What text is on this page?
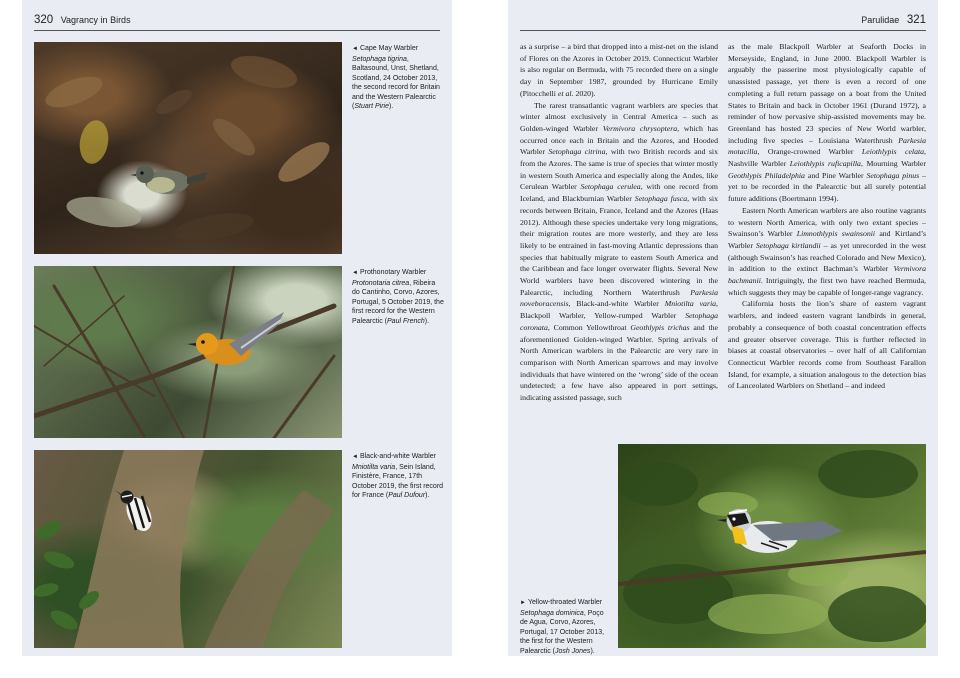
320 Vagrancy in Birds
◄ Cape May Warbler Setophaga tigrina, Baltasound, Unst, Shetland, Scotland, 24 October 2013, the second record for Britain and the Western Palearctic (Stuart Pirie).
◄ Prothonotary Warbler Protonotaria citrea, Ribeira do Cantinho, Corvo, Azores, Portugal, 5 October 2019, the first record for the Western Palearctic (Paul French).
◄ Black-and-white Warbler Mniotilta varia, Sein Island, Finistère, France, 17th October 2019, the first record for France (Paul Dufour).
Parulidae 321

as a surprise – a bird that dropped into a mist-net on the island of Flores on the Azores in October 2019. Connecticut Warbler is also regular on Bermuda, with 75 recorded there on a single day in September 1987, grounded by Hurricane Emily (Pitocchelli et al. 2020).

The rarest transatlantic vagrant warblers are species that winter almost exclusively in Central America – such as Golden-winged Warbler Vermivora chrysoptera, which has occurred once each in Britain and the Azores, and Hooded Warbler Setophaga citrina, with two British records and six from the Azores. The same is true of species that winter mostly in western South America and especially along the Andes, like Cerulean Warbler Setophaga cerulea, with one record from Iceland, and Blackburnian Warbler Setophaga fusca, with six records between Britain, France, Iceland and the Azores (Haas 2012). Although these species undertake very long migrations, their migration routes are more westerly, and they are less likely to be entrained in fast-moving Atlantic depressions than species that habitually migrate to eastern South America and the Caribbean and face longer overwater flights. Several New World warblers have been discovered wintering in the Palearctic, including Northern Waterthrush Parkesia noveboracensis, Black-and-white Warbler Mniotilta varia, Blackpoll Warbler, Yellow-rumped Warbler Setophaga coronata, Common Yellowthroat Geothlypis trichas and the aforementioned Golden-winged Warbler. Spring arrivals of North American warblers in the Palearctic are very rare in comparison with North American sparrows and may involve individuals that have wintered on the ‘wrong’ side of the ocean undetected; a few have also appeared in port settings, indicating assisted passage, such

as the male Blackpoll Warbler at Seaforth Docks in Merseyside, England, in June 2000. Blackpoll Warbler is arguably the passerine most physiologically capable of unassisted passage, yet there is even a record of one completing a full return passage on a boat from the United States to Britain and back in October 1961 (Durand 1972), a reminder of how pervasive ship-assisted movements may be. Greenland has hosted 23 species of New World warbler, including five species – Louisiana Waterthrush Parkesia motacilla, Orange-crowned Warbler Leiothlypis celata, Nashville Warbler Leiothlypis ruficapilla, Mourning Warbler Geothlypis Philadelphia and Pine Warbler Setophaga pinus – yet to be recorded in the Palearctic but all surely potential future additions (Boertmann 1994).

Eastern North American warblers are also routine vagrants to western North America, with only two extant species – Swainson’s Warbler Limnothlypis swainsonii and Kirtland’s Warbler Setophaga kirtlandii – as yet unrecorded in the west (although Swainson’s has reached Colorado and New Mexico), in addition to the extinct Bachman’s Warbler Vermivora bachmanii. Intriguingly, the first two have reached Bermuda, which suggests they may be capable of longer-range vagrancy.

California hosts the lion’s share of eastern vagrant warblers, and indeed eastern vagrant landbirds in general, probably a consequence of both coastal concentration effects and greater observer coverage. This is further reflected in biases at coastal observatories – over half of all Californian Connecticut Warbler records come from Southeast Farallon Island, for example, a situation analogous to the detection bias of Lanceolated Warblers on Shetland – and indeed

► Yellow-throated Warbler Setophaga dominica, Poço de Agua, Corvo, Azores, Portugal, 17 October 2013, the first for the Western Palearctic (Josh Jones).
